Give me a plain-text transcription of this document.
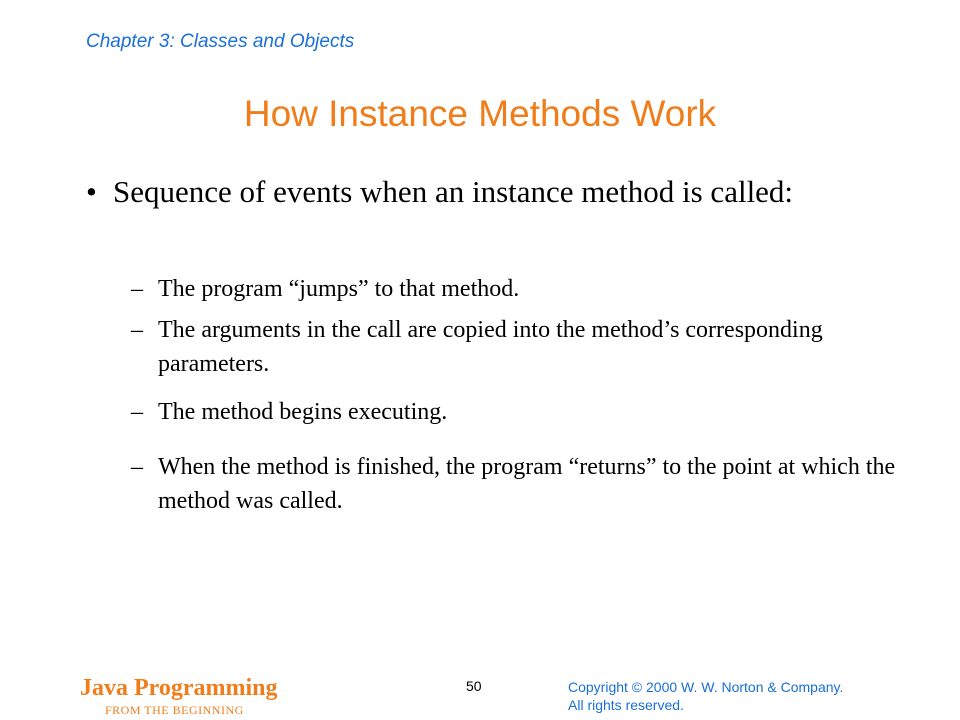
Chapter 3: Classes and Objects
How Instance Methods Work
• Sequence of events when an instance method is called:
– The program “jumps” to that method.
– The arguments in the call are copied into the method’s corresponding parameters.
– The method begins executing.
– When the method is finished, the program “returns” to the point at which the method was called.
Java Programming
FROM THE BEGINNING
50	Copyright © 2000 W. W. Norton & Company.
All rights reserved.
